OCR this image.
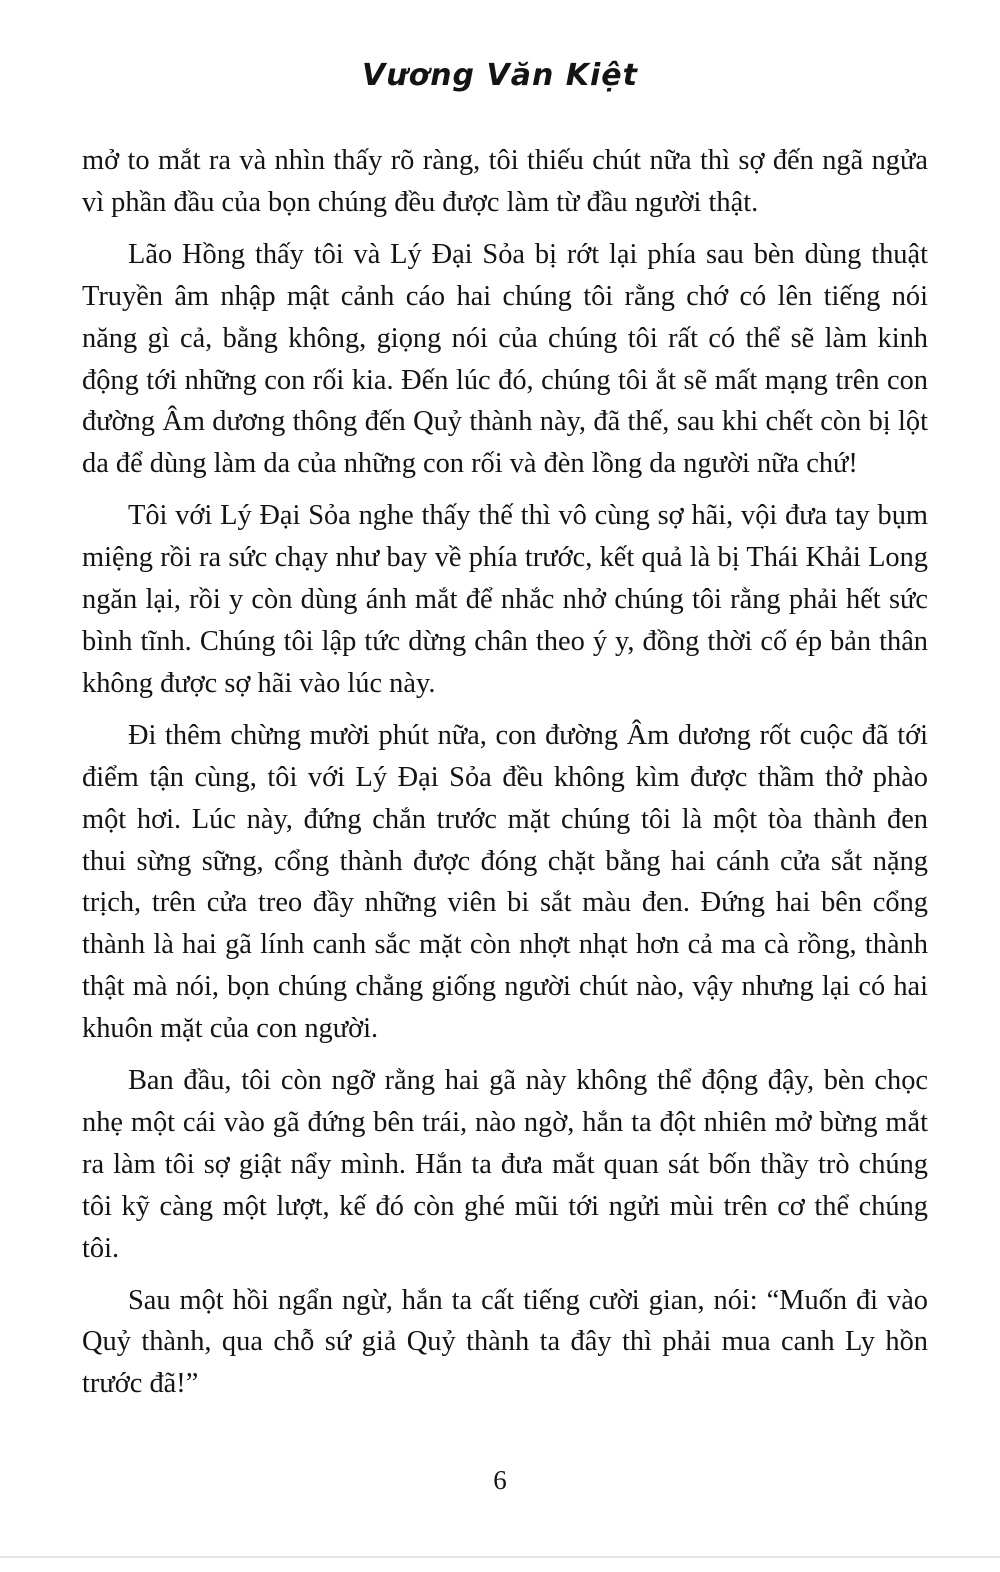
Vương Văn Kiệt

mở to mắt ra và nhìn thấy rõ ràng, tôi thiếu chút nữa thì sợ đến ngã ngửa vì phần đầu của bọn chúng đều được làm từ đầu người thật.

Lão Hồng thấy tôi và Lý Đại Sỏa bị rớt lại phía sau bèn dùng thuật Truyền âm nhập mật cảnh cáo hai chúng tôi rằng chớ có lên tiếng nói năng gì cả, bằng không, giọng nói của chúng tôi rất có thể sẽ làm kinh động tới những con rối kia. Đến lúc đó, chúng tôi ắt sẽ mất mạng trên con đường Âm dương thông đến Quỷ thành này, đã thế, sau khi chết còn bị lột da để dùng làm da của những con rối và đèn lồng da người nữa chứ!

Tôi với Lý Đại Sỏa nghe thấy thế thì vô cùng sợ hãi, vội đưa tay bụm miệng rồi ra sức chạy như bay về phía trước, kết quả là bị Thái Khải Long ngăn lại, rồi y còn dùng ánh mắt để nhắc nhở chúng tôi rằng phải hết sức bình tĩnh. Chúng tôi lập tức dừng chân theo ý y, đồng thời cố ép bản thân không được sợ hãi vào lúc này.

Đi thêm chừng mười phút nữa, con đường Âm dương rốt cuộc đã tới điểm tận cùng, tôi với Lý Đại Sỏa đều không kìm được thầm thở phào một hơi. Lúc này, đứng chắn trước mặt chúng tôi là một tòa thành đen thui sừng sững, cổng thành được đóng chặt bằng hai cánh cửa sắt nặng trịch, trên cửa treo đầy những viên bi sắt màu đen. Đứng hai bên cổng thành là hai gã lính canh sắc mặt còn nhợt nhạt hơn cả ma cà rồng, thành thật mà nói, bọn chúng chẳng giống người chút nào, vậy nhưng lại có hai khuôn mặt của con người.

Ban đầu, tôi còn ngỡ rằng hai gã này không thể động đậy, bèn chọc nhẹ một cái vào gã đứng bên trái, nào ngờ, hắn ta đột nhiên mở bừng mắt ra làm tôi sợ giật nẩy mình. Hắn ta đưa mắt quan sát bốn thầy trò chúng tôi kỹ càng một lượt, kế đó còn ghé mũi tới ngửi mùi trên cơ thể chúng tôi.

Sau một hồi ngẩn ngừ, hắn ta cất tiếng cười gian, nói: “Muốn đi vào Quỷ thành, qua chỗ sứ giả Quỷ thành ta đây thì phải mua canh Ly hồn trước đã!”

6
